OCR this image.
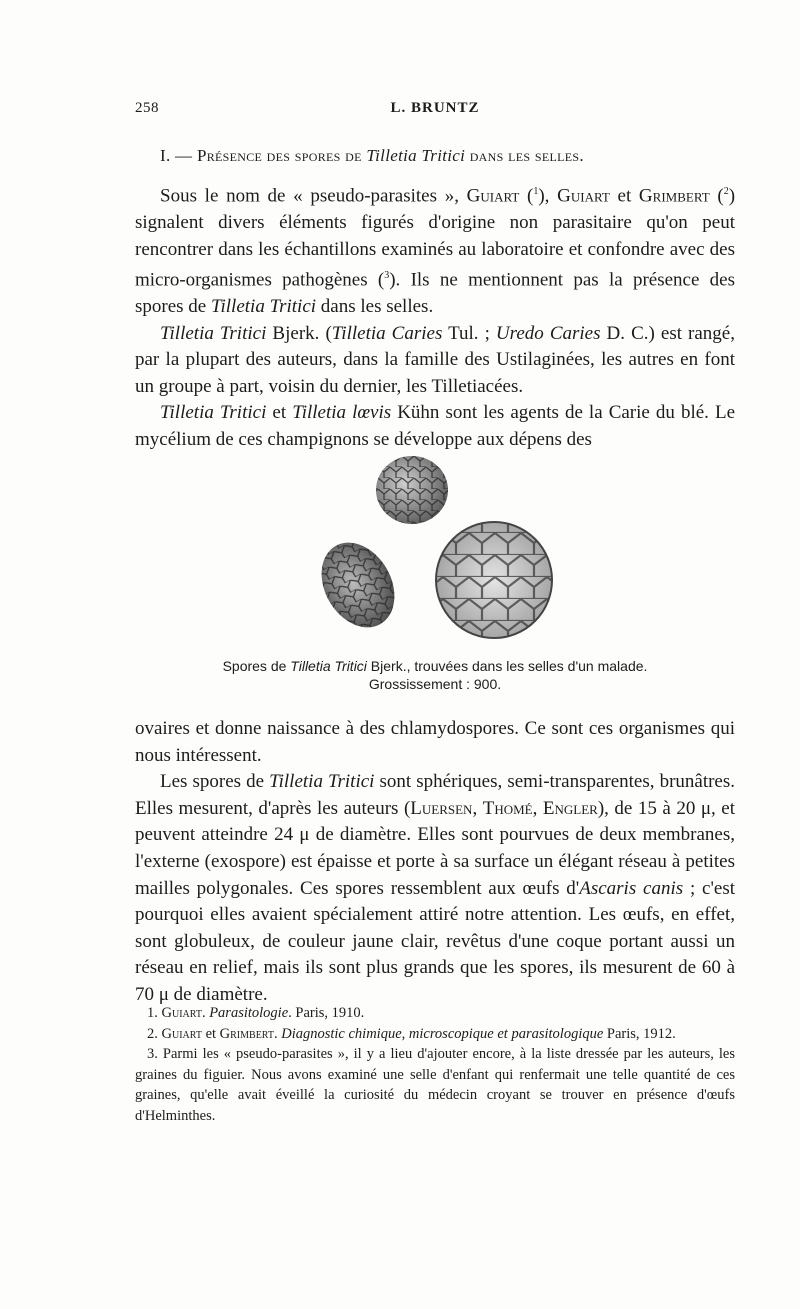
258	L. BRUNTZ
I. — Présence des spores de Tilletia Tritici dans les selles.

Sous le nom de « pseudo-parasites », Guiart ($^1$), Guiart et Grimbert ($^2$) signalent divers éléments figurés d'origine non parasitaire qu'on peut rencontrer dans les échantillons examinés au laboratoire et confondre avec des micro-organismes pathogènes ($^3$). Ils ne mentionnent pas la présence des spores de Tilletia Tritici dans les selles.

Tilletia Tritici Bjerk. (Tilletia Caries Tul. ; Uredo Caries D. C.) est rangé, par la plupart des auteurs, dans la famille des Ustilaginées, les autres en font un groupe à part, voisin du dernier, les Tilletiacées.

Tilletia Tritici et Tilletia lœvis Kühn sont les agents de la Carie du blé. Le mycélium de ces champignons se développe aux dépens des

Spores de Tilletia Tritici Bjerk., trouvées dans les selles d'un malade.
Grossissement : 900.

ovaires et donne naissance à des chlamydospores. Ce sont ces organismes qui nous intéressent.

Les spores de Tilletia Tritici sont sphériques, semi-transparentes, brunâtres. Elles mesurent, d'après les auteurs (Luersen, Thomé, Engler), de 15 à 20 μ, et peuvent atteindre 24 μ de diamètre. Elles sont pourvues de deux membranes, l'externe (exospore) est épaisse et porte à sa surface un élégant réseau à petites mailles polygonales. Ces spores ressemblent aux œufs d'Ascaris canis ; c'est pourquoi elles avaient spécialement attiré notre attention. Les œufs, en effet, sont globuleux, de couleur jaune clair, revêtus d'une coque portant aussi un réseau en relief, mais ils sont plus grands que les spores, ils mesurent de 60 à 70 μ de diamètre.

1. Guiart. Parasitologie. Paris, 1910.

2. Guiart et Grimbert. Diagnostic chimique, microscopique et parasitologique Paris, 1912.

3. Parmi les « pseudo-parasites », il y a lieu d'ajouter encore, à la liste dressée par les auteurs, les graines du figuier. Nous avons examiné une selle d'enfant qui renfermait une telle quantité de ces graines, qu'elle avait éveillé la curiosité du médecin croyant se trouver en présence d'œufs d'Helminthes.
